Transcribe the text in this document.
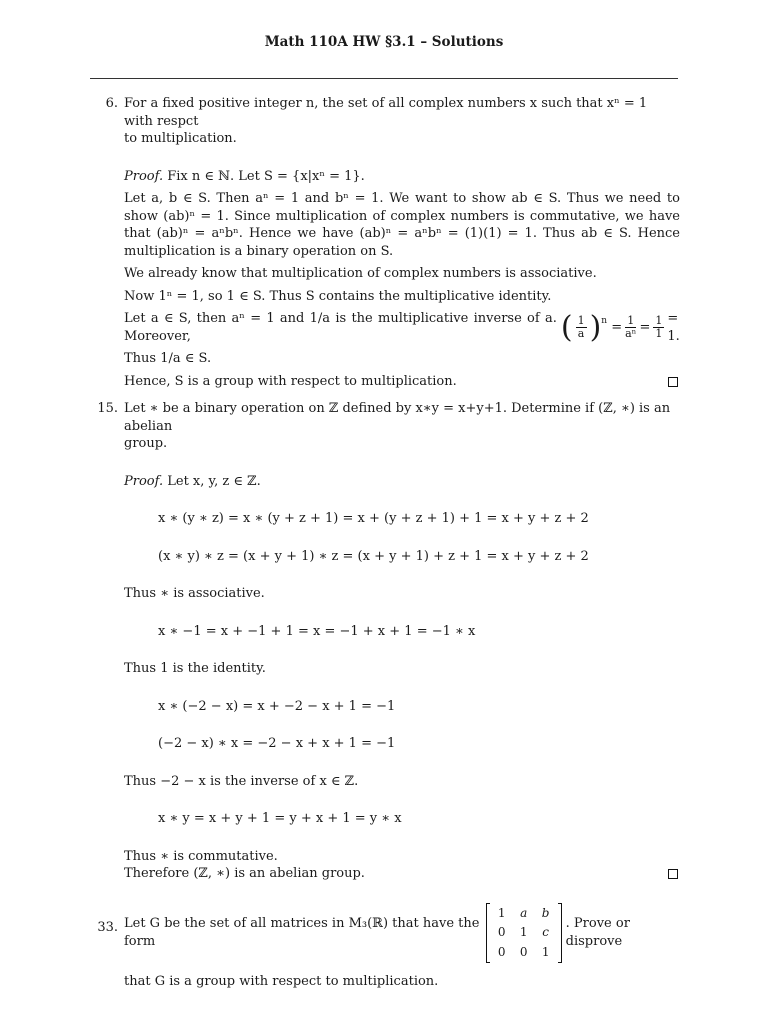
Math 110A HW §3.1 – Solutions
6. For a fixed positive integer n, the set of all complex numbers x such that xⁿ = 1 with respct

to multiplication.

Proof. Fix n ∈ ℕ. Let S = {x|xⁿ = 1}.

Let a, b ∈ S. Then aⁿ = 1 and bⁿ = 1. We want to show ab ∈ S. Thus we need to show (ab)ⁿ = 1. Since multiplication of complex numbers is commutative, we have that (ab)ⁿ = aⁿbⁿ. Hence we have (ab)ⁿ = aⁿbⁿ = (1)(1) = 1. Thus ab ∈ S. Hence multiplication is a binary operation on S.

We already know that multiplication of complex numbers is associative.

Now 1ⁿ = 1, so 1 ∈ S. Thus S contains the multiplicative identity.

Let a ∈ S, then aⁿ = 1 and 1/a is the multiplicative inverse of a. Moreover,	( $\frac{1}{a}$ ) $n = \frac{1}{\text{aⁿ}} = \frac{1}{1} = 1$.

Thus 1/a ∈ S.

Hence, S is a group with respect to multiplication.

15. Let ∗ be a binary operation on ℤ defined by x∗y = x+y+1. Determine if (ℤ, ∗) is an abelian

group.

Proof. Let x, y, z ∈ ℤ.

x ∗ (y ∗ z) = x ∗ (y + z + 1) = x + (y + z + 1) + 1 = x + y + z + 2

(x ∗ y) ∗ z = (x + y + 1) ∗ z = (x + y + 1) + z + 1 = x + y + z + 2

Thus ∗ is associative.

x ∗ −1 = x + −1 + 1 = x = −1 + x + 1 = −1 ∗ x

Thus 1 is the identity.

x ∗ (−2 − x) = x + −2 − x + 1 = −1

(−2 − x) ∗ x = −2 − x + x + 1 = −1

Thus −2 − x is the inverse of x ∈ ℤ.

x ∗ y = x + y + 1 = y + x + 1 = y ∗ x

Thus ∗ is commutative.

Therefore (ℤ, ∗) is an abelian group.

33. Let G be the set of all matrices in M₃(ℝ) that have the form
1	a	b
0	1	c
0	0	1
. Prove or disprove

that G is a group with respect to multiplication.
